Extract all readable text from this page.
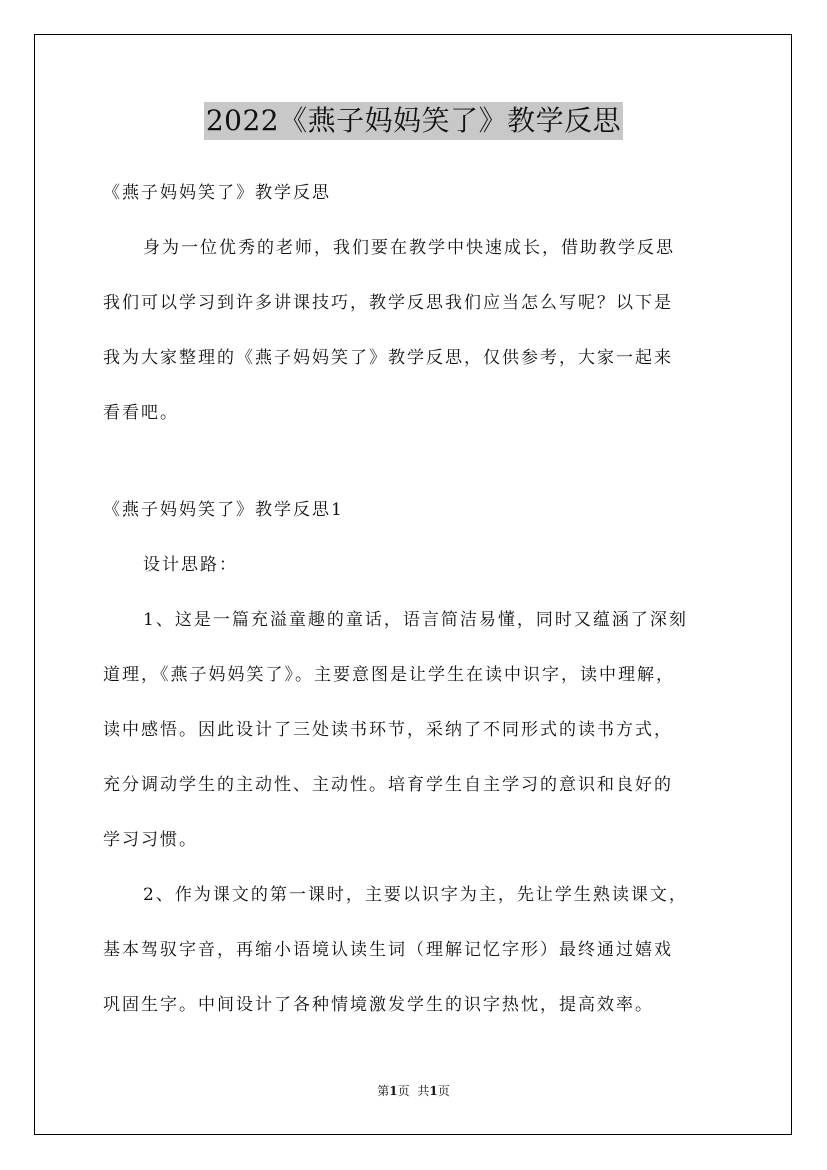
2022《燕子妈妈笑了》教学反思
《燕子妈妈笑了》教学反思
身为一位优秀的老师，我们要在教学中快速成长，借助教学反思
我们可以学习到许多讲课技巧，教学反思我们应当怎么写呢？以下是
我为大家整理的《燕子妈妈笑了》教学反思，仅供参考，大家一起来
看看吧。
《燕子妈妈笑了》教学反思1
设计思路：
1、这是一篇充溢童趣的童话，语言简洁易懂，同时又蕴涵了深刻
道理，《燕子妈妈笑了》。主要意图是让学生在读中识字，读中理解，
读中感悟。因此设计了三处读书环节，采纳了不同形式的读书方式，
充分调动学生的主动性、主动性。培育学生自主学习的意识和良好的
学习习惯。
2、作为课文的第一课时，主要以识字为主，先让学生熟读课文，
基本驾驭字音，再缩小语境认读生词（理解记忆字形）最终通过嬉戏
巩固生字。中间设计了各种情境激发学生的识字热忱，提高效率。
第1页 共1页
